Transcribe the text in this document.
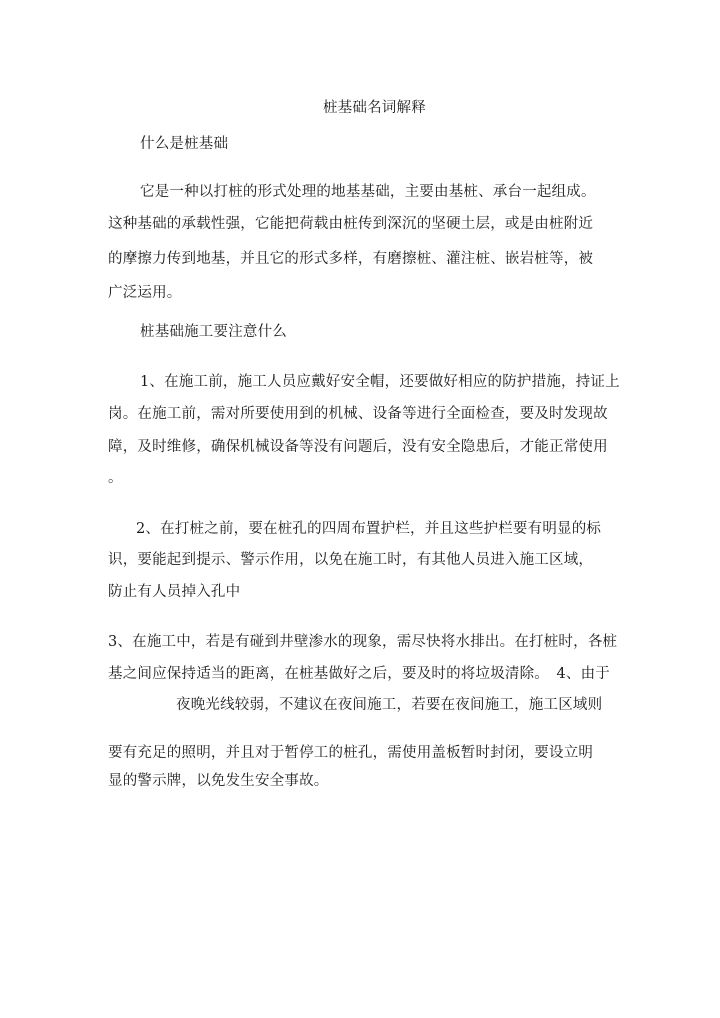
桩基础名词解释
什么是桩基础
它是一种以打桩的形式处理的地基基础，主要由基桩、承台一起组成。
这种基础的承载性强，它能把荷载由桩传到深沉的坚硬土层，或是由桩附近
的摩擦力传到地基，并且它的形式多样，有磨擦桩、灌注桩、嵌岩桩等，被
广泛运用。
桩基础施工要注意什么
1、在施工前，施工人员应戴好安全帽，还要做好相应的防护措施，持证上
岗。在施工前，需对所要使用到的机械、设备等进行全面检查，要及时发现故
障，及时维修，确保机械设备等没有问题后，没有安全隐患后，才能正常使用
。
2、在打桩之前，要在桩孔的四周布置护栏，并且这些护栏要有明显的标
识，要能起到提示、警示作用，以免在施工时，有其他人员进入施工区域，
防止有人员掉入孔中
3、在施工中，若是有碰到井壁渗水的现象，需尽快将水排出。在打桩时，各桩
基之间应保持适当的距离，在桩基做好之后，要及时的将垃圾清除。　4、由于
夜晚光线较弱，不建议在夜间施工，若要在夜间施工，施工区域则
要有充足的照明，并且对于暂停工的桩孔，需使用盖板暂时封闭，要设立明
显的警示牌，以免发生安全事故。
